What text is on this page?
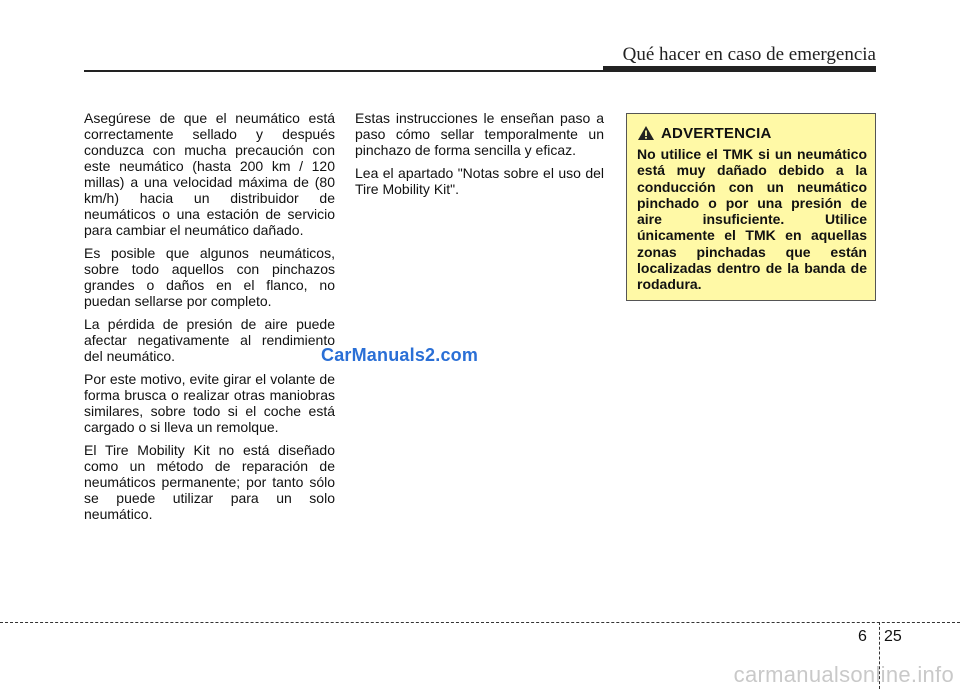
Qué hacer en caso de emergencia

Asegúrese de que el neumático está correctamente sellado y después conduzca con mucha precaución con este neumático (hasta 200 km / 120 millas) a una velocidad máxima de (80 km/h) hacia un distribuidor de neumáticos o una estación de servicio para cambiar el neumático dañado.

Es posible que algunos neumáticos, sobre todo aquellos con pinchazos grandes o daños en el flanco, no puedan sellarse por completo.

La pérdida de presión de aire puede afectar negativamente al rendimiento del neumático.

Por este motivo, evite girar el volante de forma brusca o realizar otras maniobras similares, sobre todo si el coche está cargado o si lleva un remolque.

El Tire Mobility Kit no está diseñado como un método de reparación de neumáticos permanente; por tanto sólo se puede utilizar para un solo neumático.

Estas instrucciones le enseñan paso a paso cómo sellar temporalmente un pinchazo de forma sencilla y eficaz.

Lea el apartado "Notas sobre el uso del Tire Mobility Kit".

ADVERTENCIA

No utilice el TMK si un neumático está muy dañado debido a la conducción con un neumático pinchado o por una presión de aire insuficiente. Utilice únicamente el TMK en aquellas zonas pinchadas que están localizadas dentro de la banda de rodadura.

CarManuals2.com
6 25
carmanualsonline.info
